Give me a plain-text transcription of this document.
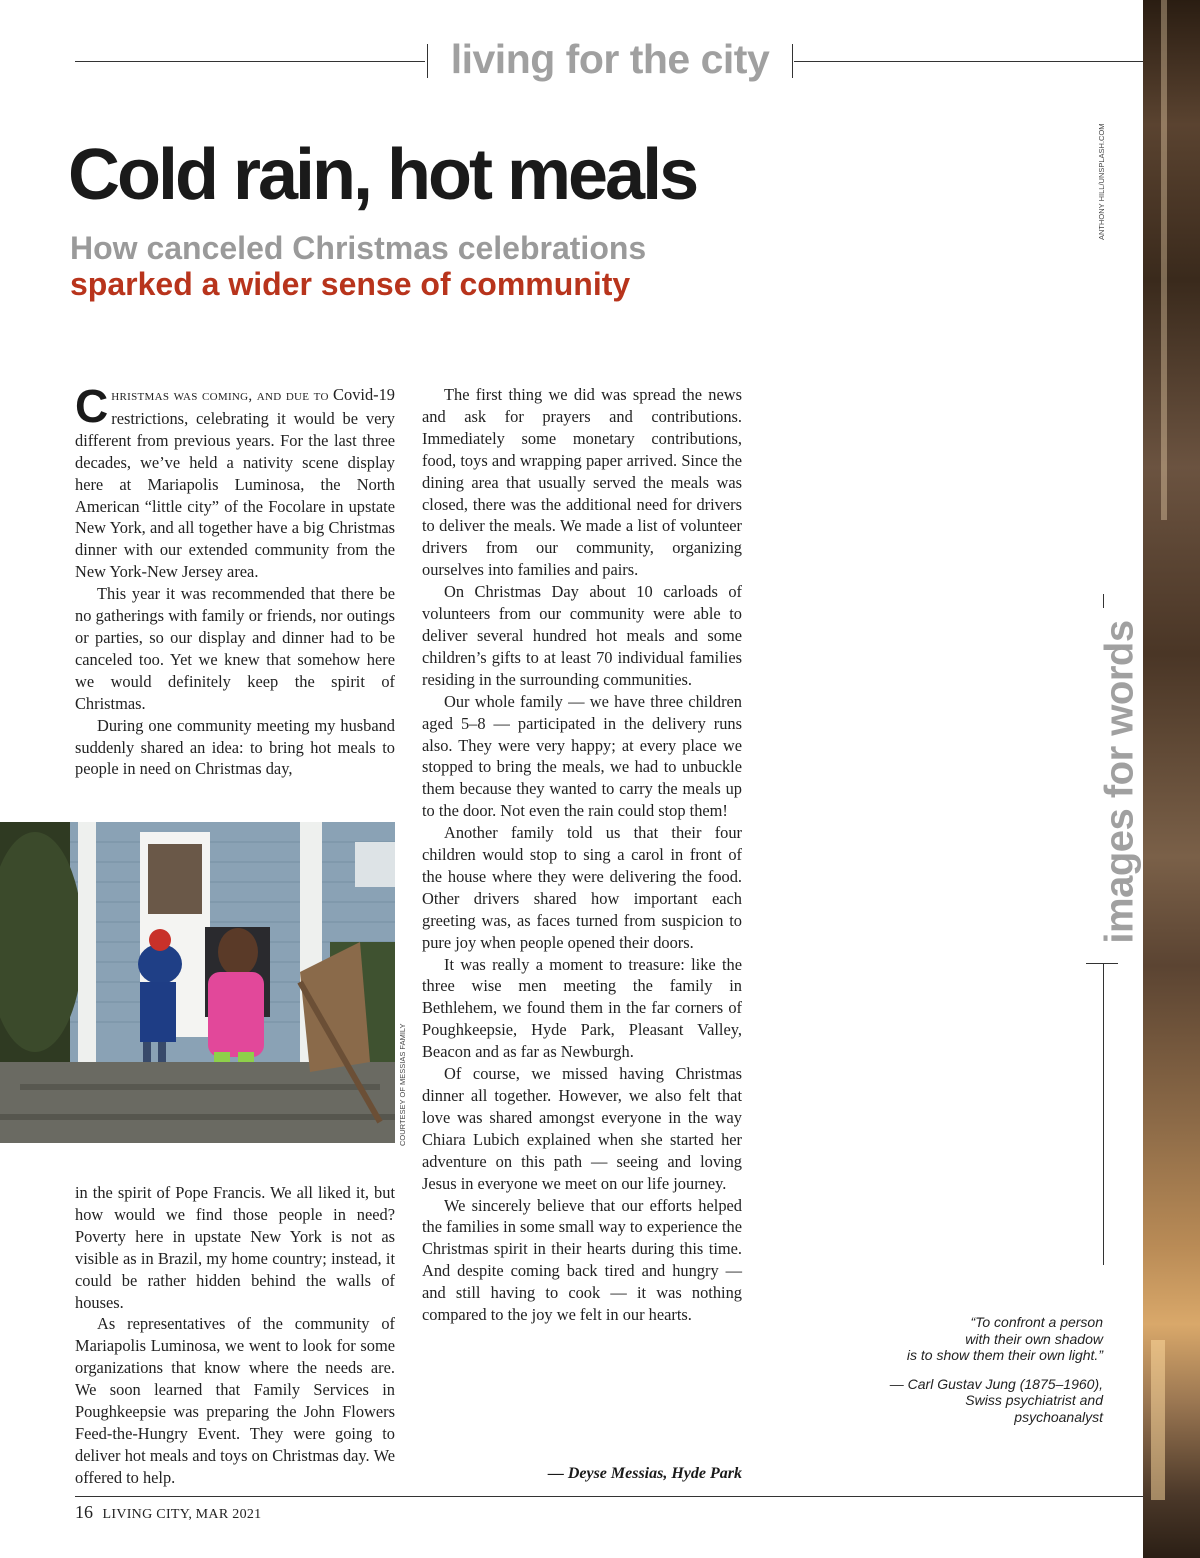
living for the city
Cold rain, hot meals
How canceled Christmas celebrations
sparked a wider sense of community

Christmas was coming, and due to Covid-19 restrictions, celebrating it would be very different from previous years. For the last three decades, we’ve held a nativity scene display here at Mariapolis Luminosa, the North American “little city” of the Focolare in upstate New York, and all together have a big Christmas dinner with our extended community from the New York-New Jersey area.

This year it was recommended that there be no gatherings with family or friends, nor outings or parties, so our display and dinner had to be canceled too. Yet we knew that somehow here we would definitely keep the spirit of Christmas.

During one community meeting my husband suddenly shared an idea: to bring hot meals to people in need on Christmas day,

COURTESEY OF MESSIAS FAMILY

in the spirit of Pope Francis. We all liked it, but how would we find those people in need? Poverty here in upstate New York is not as visible as in Brazil, my home country; instead, it could be rather hidden behind the walls of houses.

As representatives of the community of Mariapolis Luminosa, we went to look for some organizations that know where the needs are. We soon learned that Family Services in Poughkeepsie was preparing the John Flowers Feed-the-Hungry Event. They were going to deliver hot meals and toys on Christmas day. We offered to help.

The first thing we did was spread the news and ask for prayers and contributions. Immediately some monetary contributions, food, toys and wrapping paper arrived. Since the dining area that usually served the meals was closed, there was the additional need for drivers to deliver the meals. We made a list of volunteer drivers from our community, organizing ourselves into families and pairs.

On Christmas Day about 10 carloads of volunteers from our community were able to deliver several hundred hot meals and some children’s gifts to at least 70 individual families residing in the surrounding communities.

Our whole family — we have three children aged 5–8 — participated in the delivery runs also. They were very happy; at every place we stopped to bring the meals, we had to unbuckle them because they wanted to carry the meals up to the door. Not even the rain could stop them!

Another family told us that their four children would stop to sing a carol in front of the house where they were delivering the food. Other drivers shared how important each greeting was, as faces turned from suspicion to pure joy when people opened their doors.

It was really a moment to treasure: like the three wise men meeting the family in Bethlehem, we found them in the far corners of Poughkeepsie, Hyde Park, Pleasant Valley, Beacon and as far as Newburgh.

Of course, we missed having Christmas dinner all together. However, we also felt that love was shared amongst everyone in the way Chiara Lubich explained when she started her adventure on this path — seeing and loving Jesus in everyone we meet on our life journey.

We sincerely believe that our efforts helped the families in some small way to experience the Christmas spirit in their hearts during this time. And despite coming back tired and hungry — and still having to cook — it was nothing compared to the joy we felt in our hearts.

— Deyse Messias, Hyde Park
ANTHONY HILL/UNSPLASH.COM
images for words
“To confront a person
with their own shadow
is to show them their own light.”
— Carl Gustav Jung (1875–1960),
Swiss psychiatrist and
psychoanalyst
16 LIVING CITY, MAR 2021
